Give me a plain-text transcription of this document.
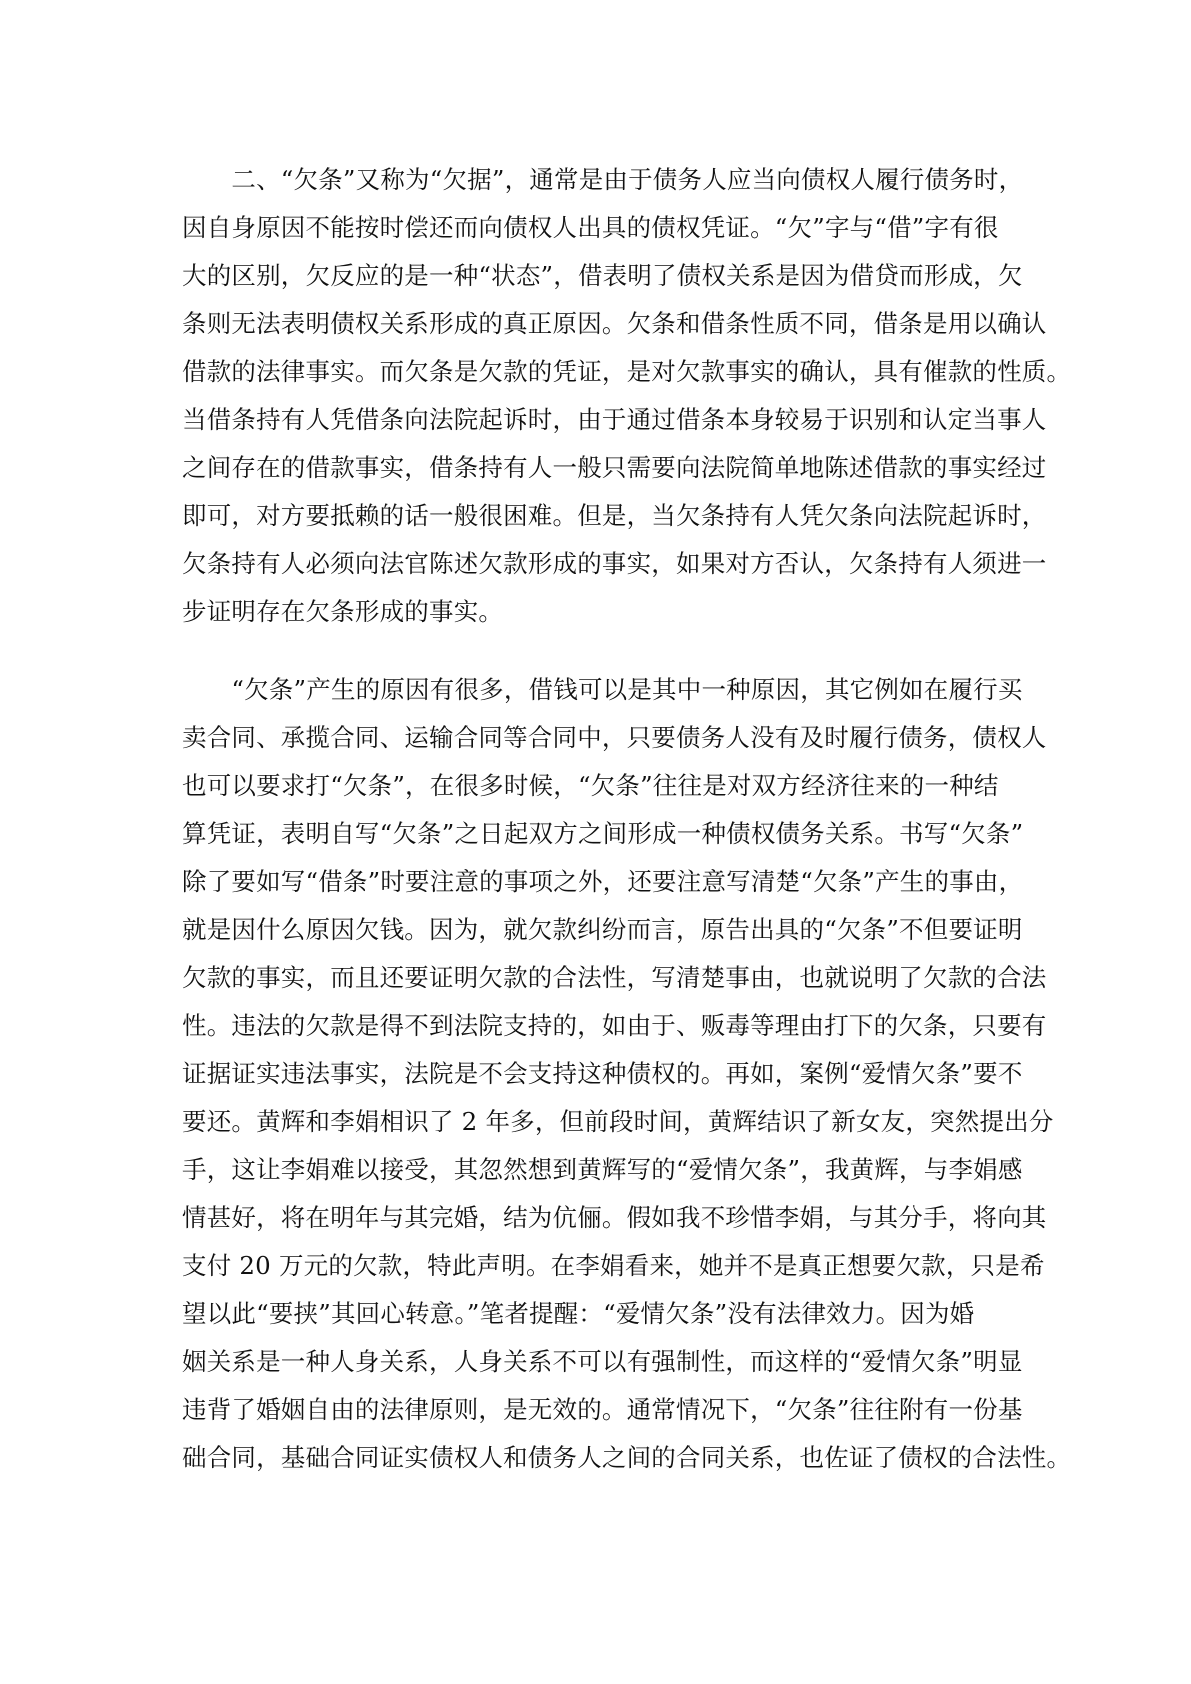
　　二、“欠条”又称为“欠据”，通常是由于债务人应当向债权人履行债务时，
因自身原因不能按时偿还而向债权人出具的债权凭证。“欠”字与“借”字有很
大的区别，欠反应的是一种“状态”，借表明了债权关系是因为借贷而形成，欠
条则无法表明债权关系形成的真正原因。欠条和借条性质不同，借条是用以确认
借款的法律事实。而欠条是欠款的凭证，是对欠款事实的确认，具有催款的性质。
当借条持有人凭借条向法院起诉时，由于通过借条本身较易于识别和认定当事人
之间存在的借款事实，借条持有人一般只需要向法院简单地陈述借款的事实经过
即可，对方要抵赖的话一般很困难。但是，当欠条持有人凭欠条向法院起诉时，
欠条持有人必须向法官陈述欠款形成的事实，如果对方否认，欠条持有人须进一
步证明存在欠条形成的事实。
　　“欠条”产生的原因有很多，借钱可以是其中一种原因，其它例如在履行买
卖合同、承揽合同、运输合同等合同中，只要债务人没有及时履行债务，债权人
也可以要求打“欠条”，在很多时候，“欠条”往往是对双方经济往来的一种结
算凭证，表明自写“欠条”之日起双方之间形成一种债权债务关系。书写“欠条”
除了要如写“借条”时要注意的事项之外，还要注意写清楚“欠条”产生的事由，
就是因什么原因欠钱。因为，就欠款纠纷而言，原告出具的“欠条”不但要证明
欠款的事实，而且还要证明欠款的合法性，写清楚事由，也就说明了欠款的合法
性。违法的欠款是得不到法院支持的，如由于、贩毒等理由打下的欠条，只要有
证据证实违法事实，法院是不会支持这种债权的。再如，案例“爱情欠条”要不
要还。黄辉和李娟相识了 2 年多，但前段时间，黄辉结识了新女友，突然提出分
手，这让李娟难以接受，其忽然想到黄辉写的“爱情欠条”，我黄辉，与李娟感
情甚好，将在明年与其完婚，结为伉俪。假如我不珍惜李娟，与其分手，将向其
支付 20 万元的欠款，特此声明。在李娟看来，她并不是真正想要欠款，只是希
望以此“要挟”其回心转意。”笔者提醒：“爱情欠条”没有法律效力。因为婚
姻关系是一种人身关系，人身关系不可以有强制性，而这样的“爱情欠条”明显
违背了婚姻自由的法律原则，是无效的。通常情况下，“欠条”往往附有一份基
础合同，基础合同证实债权人和债务人之间的合同关系，也佐证了债权的合法性。
